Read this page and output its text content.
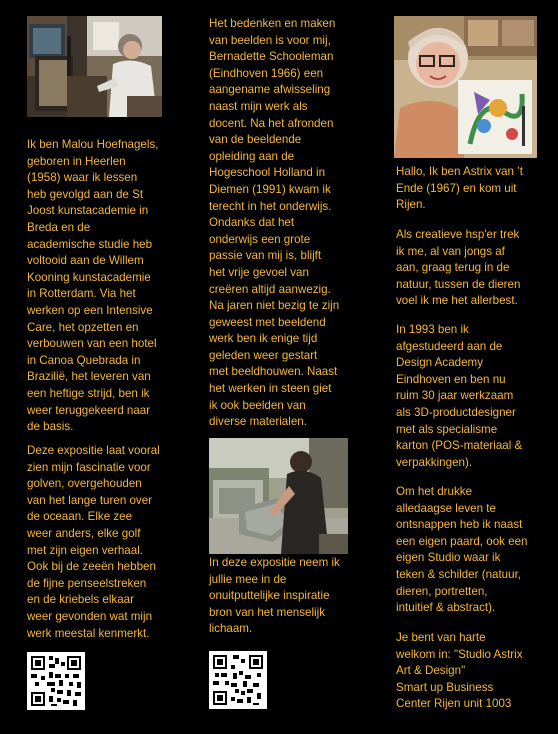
Ik ben Malou Hoefnagels,
geboren in Heerlen
(1958) waar ik lessen
heb gevolgd aan de St
Joost kunstacademie in
Breda en de
academische studie heb
voltooid aan de Willem
Kooning kunstacademie
in Rotterdam. Via het
werken op een Intensive
Care, het opzetten en
verbouwen van een hotel
in Canoa Quebrada in
Brazilië, het leveren van
een heftige strijd, ben ik
weer teruggekeerd naar
de basis.

Deze expositie laat vooral
zien mijn fascinatie voor
golven, overgehouden
van het lange turen over
de oceaan. Elke zee
weer anders, elke golf
met zijn eigen verhaal.
Ook bij de zeeën hebben
de fijne penseelstreken
en de kriebels elkaar
weer gevonden wat mijn
werk meestal kenmerkt.

Het bedenken en maken
van beelden is voor mij,
Bernadette Schooleman
(Eindhoven 1966) een
aangename afwisseling
naast mijn werk als
docent. Na het afronden
van de beeldende
opleiding aan de
Hogeschool Holland in
Diemen (1991) kwam ik
terecht in het onderwijs.
Ondanks dat het
onderwijs een grote
passie van mij is, blijft
het vrije gevoel van
creëren altijd aanwezig.
Na jaren niet bezig te zijn
geweest met beeldend
werk ben ik enige tijd
geleden weer gestart
met beeldhouwen. Naast
het werken in steen giet
ik ook beelden van
diverse materialen.

In deze expositie neem ik
jullie mee in de
onuitputtelijke inspiratie
bron van het menselijk
lichaam.

Hallo, Ik ben Astrix van ’t
Ende (1967) en kom uit
Rijen.

Als creatieve hsp'er trek
ik me, al van jongs af
aan, graag terug in de
natuur, tussen de dieren
voel ik me het allerbest.

In 1993 ben ik
afgestudeerd aan de
Design Academy
Eindhoven en ben nu
ruim 30 jaar werkzaam
als 3D-productdesigner
met als specialisme
karton (POS-materiaal &
verpakkingen).

Om het drukke
alledaagse leven te
ontsnappen heb ik naast
een eigen paard, ook een
eigen Studio waar ik
teken & schilder (natuur,
dieren, portretten,
intuitief & abstract).

Je bent van harte
welkom in: "Studio Astrix
Art & Design"
Smart up Business
Center Rijen unit 1003
